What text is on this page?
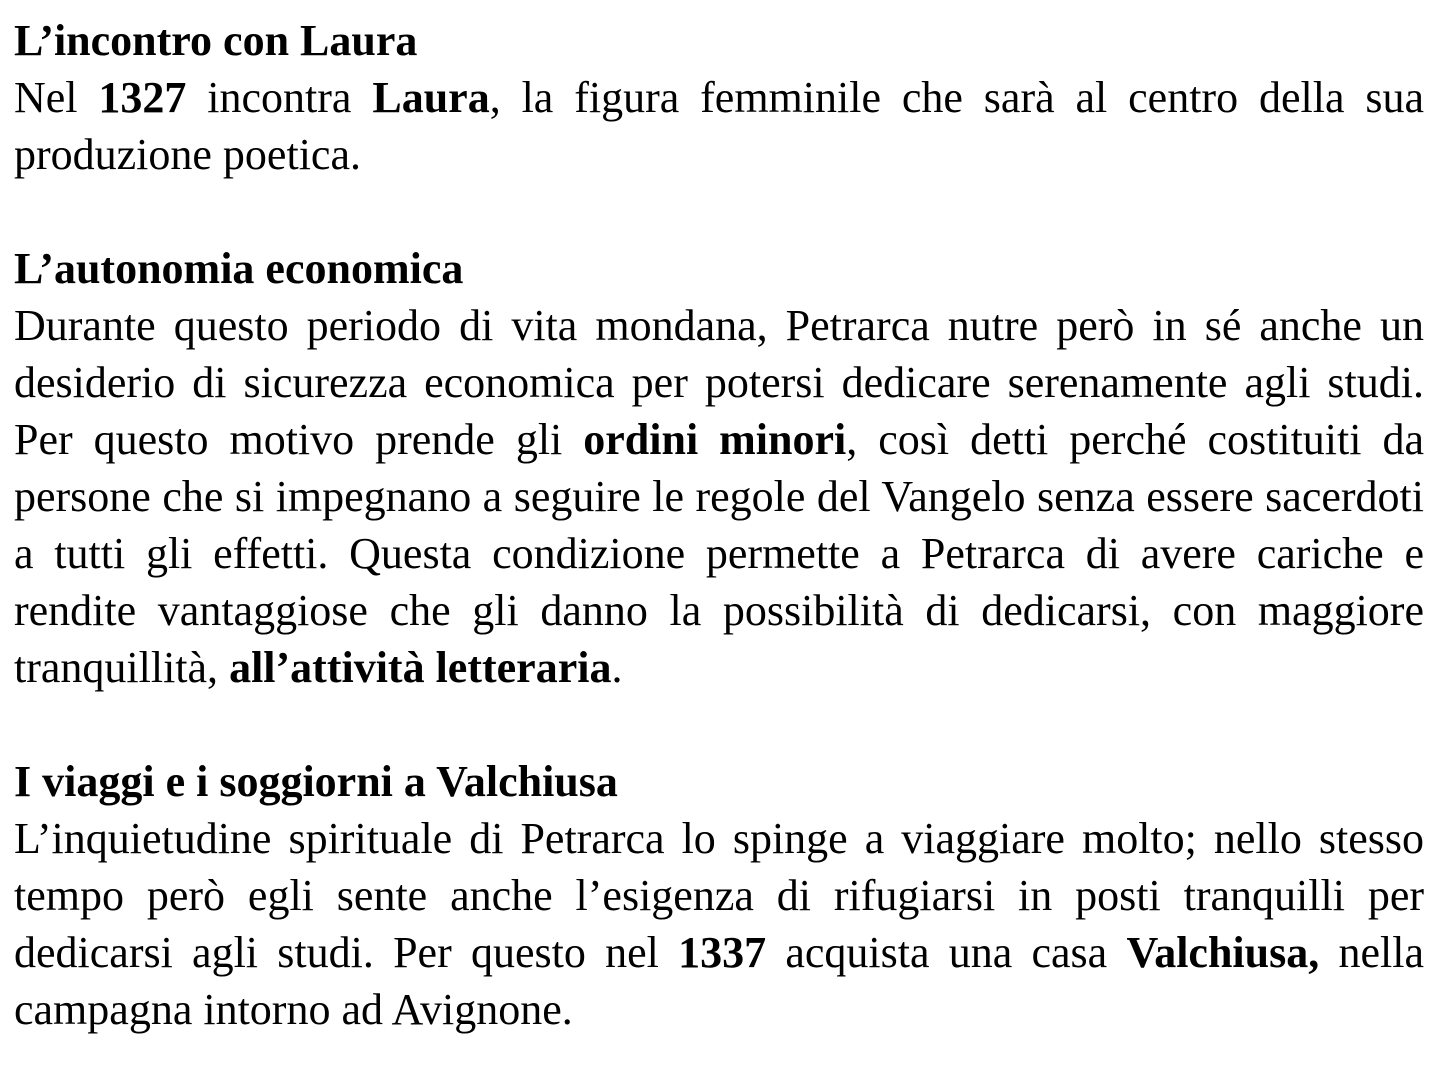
L’incontro con Laura

Nel 1327 incontra Laura, la figura femminile che sarà al centro della sua produzione poetica.

L’autonomia economica

Durante questo periodo di vita mondana, Petrarca nutre però in sé anche un desiderio di sicurezza economica per potersi dedicare serenamente agli studi. Per questo motivo prende gli ordini minori, così detti perché costituiti da persone che si impegnano a seguire le regole del Vangelo senza essere sacerdoti a tutti gli effetti. Questa condizione permette a Petrarca di avere cariche e rendite vantaggiose che gli danno la possibilità di dedicarsi, con maggiore tranquillità, all’attività letteraria.

I viaggi e i soggiorni a Valchiusa

L’inquietudine spirituale di Petrarca lo spinge a viaggiare molto; nello stesso tempo però egli sente anche l’esigenza di rifugiarsi in posti tranquilli per dedicarsi agli studi. Per questo nel 1337 acquista una casa Valchiusa, nella campagna intorno ad Avignone.
